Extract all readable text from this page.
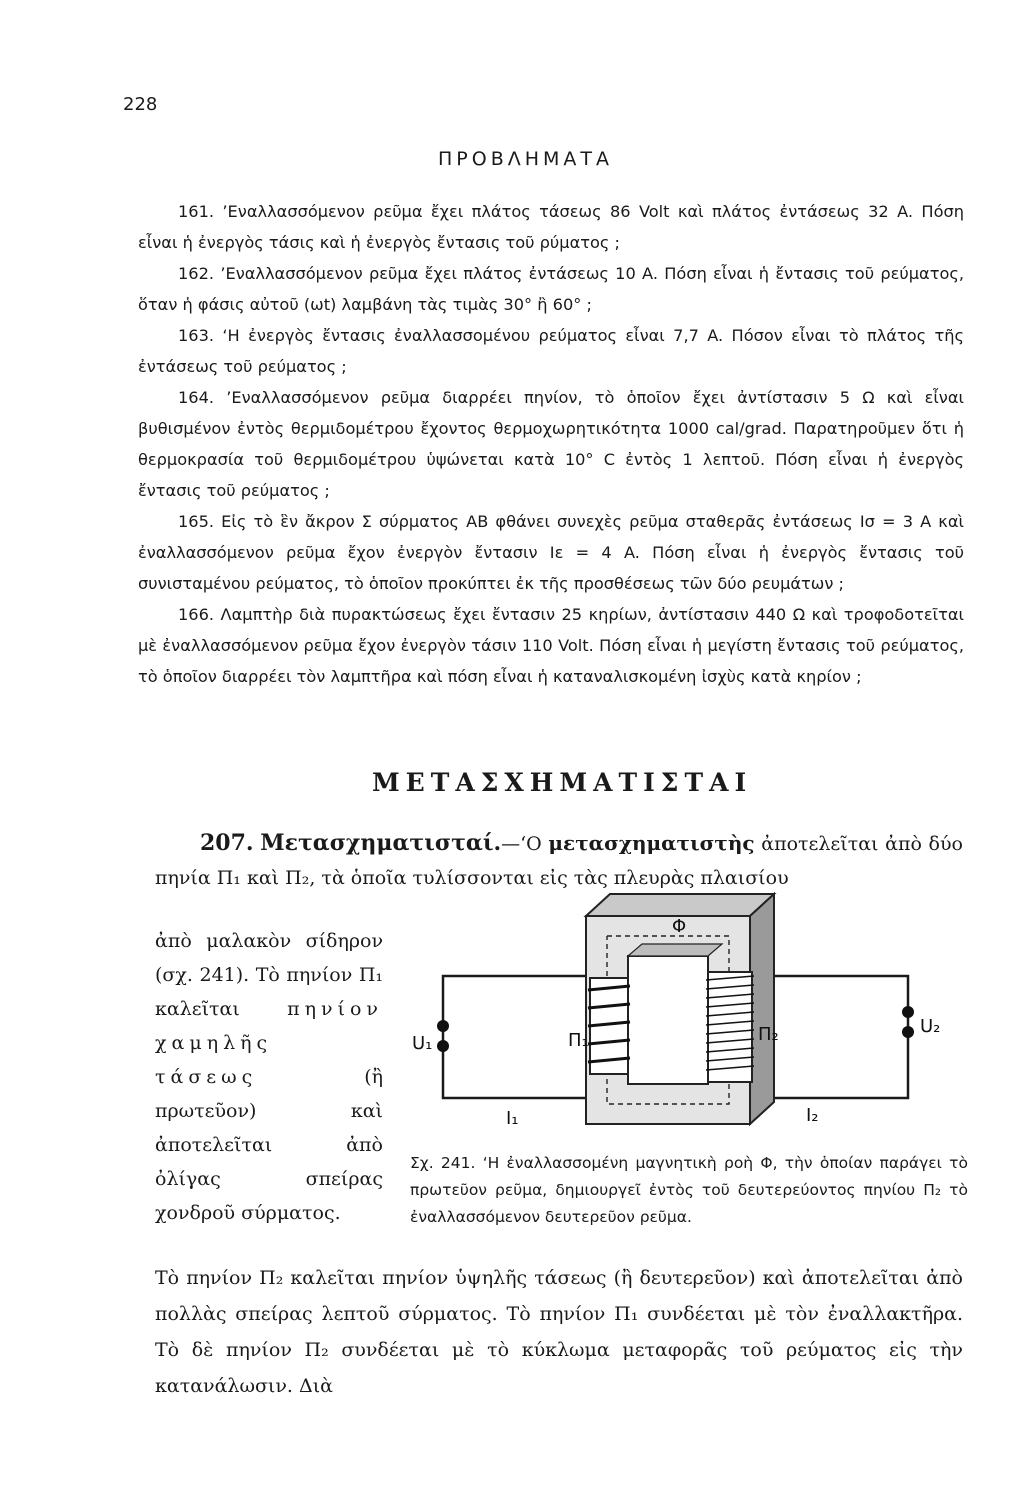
228
ΠΡΟΒΛΗΜΑΤΑ

161. ’Εναλλασσόμενον ρεῦμα ἔχει πλάτος τάσεως 86 Volt καὶ πλάτος ἐντάσεως 32 A. Πόση εἶναι ἡ ἐνεργὸς τάσις καὶ ἡ ἐνεργὸς ἔντασις τοῦ ρύματος ;

162. ’Εναλλασσόμενον ρεῦμα ἔχει πλάτος ἐντάσεως 10 A. Πόση εἶναι ἡ ἔντασις τοῦ ρεύματος, ὅταν ἡ φάσις αὐτοῦ (ωt) λαμβάνη τὰς τιμὰς 30° ἢ 60° ;

163. ‘Η ἐνεργὸς ἔντασις ἐναλλασσομένου ρεύματος εἶναι 7,7 A. Πόσον εἶναι τὸ πλάτος τῆς ἐντάσεως τοῦ ρεύματος ;

164. ’Εναλλασσόμενον ρεῦμα διαρρέει πηνίον, τὸ ὁποῖον ἔχει ἀντίστασιν 5 Ω καὶ εἶναι βυθισμένον ἐντὸς θερμιδομέτρου ἔχοντος θερμοχωρητικότητα 1000 cal/grad. Παρατηροῦμεν ὅτι ἡ θερμοκρασία τοῦ θερμιδομέτρου ὑψώνεται κατὰ 10° C ἐντὸς 1 λεπτοῦ. Πόση εἶναι ἡ ἐνεργὸς ἔντασις τοῦ ρεύματος ;

165. Εἰς τὸ ἓν ἄκρον Σ σύρματος AB φθάνει συνεχὲς ρεῦμα σταθερᾶς ἐντάσεως Iσ = 3 A καὶ ἐναλλασσόμενον ρεῦμα ἔχον ἐνεργὸν ἔντασιν Iε = 4 A. Πόση εἶναι ἡ ἐνεργὸς ἔντασις τοῦ συνισταμένου ρεύματος, τὸ ὁποῖον προκύπτει ἐκ τῆς προσθέσεως τῶν δύο ρευμάτων ;

166. Λαμπτὴρ διὰ πυρακτώσεως ἔχει ἔντασιν 25 κηρίων, ἀντίστασιν 440 Ω καὶ τροφοδοτεῖται μὲ ἐναλλασσόμενον ρεῦμα ἔχον ἐνεργὸν τάσιν 110 Volt. Πόση εἶναι ἡ μεγίστη ἔντασις τοῦ ρεύματος, τὸ ὁποῖον διαρρέει τὸν λαμπτῆρα καὶ πόση εἶναι ἡ καταναλισκομένη ἰσχὺς κατὰ κηρίον ;

ΜΕΤΑΣΧΗΜΑΤΙΣΤΑΙ
207. Μετασχηματισταί.—‘Ο μετασχηματιστὴς ἀποτελεῖται ἀπὸ δύο πηνία Π₁ καὶ Π₂, τὰ ὁποῖα τυλίσσονται εἰς τὰς πλευρὰς πλαισίου
ἀπὸ μαλακὸν σίδηρον (σχ. 241). Τὸ πηνίον Π₁ καλεῖται πηνίον χαμηλῆς τάσεως	(ἢ πρωτεῦον) καὶ ἀποτελεῖται ἀπὸ ὀλίγας σπείρας χονδροῦ σύρματος.
U₁
U₂
Π₁	Π₂
I₁	I₂
Φ
Σχ. 241. ‘Η ἐναλλασσομένη μαγνητικὴ ροὴ Φ, τὴν ὁποίαν παράγει τὸ πρωτεῦον ρεῦμα, δημιουργεῖ ἐντὸς τοῦ δευτερεύοντος πηνίου Π₂ τὸ ἐναλλασσόμενον δευτερεῦον ρεῦμα.
Τὸ πηνίον Π₂ καλεῖται πηνίον ὑψηλῆς τάσεως (ἢ δευτερεῦον) καὶ ἀποτελεῖται ἀπὸ πολλὰς σπείρας λεπτοῦ σύρματος. Τὸ πηνίον Π₁ συνδέεται μὲ τὸν ἐναλλακτῆρα. Τὸ δὲ πηνίον Π₂ συνδέεται μὲ τὸ κύκλωμα μεταφορᾶς τοῦ ρεύματος εἰς τὴν κατανάλωσιν. Διὰ
